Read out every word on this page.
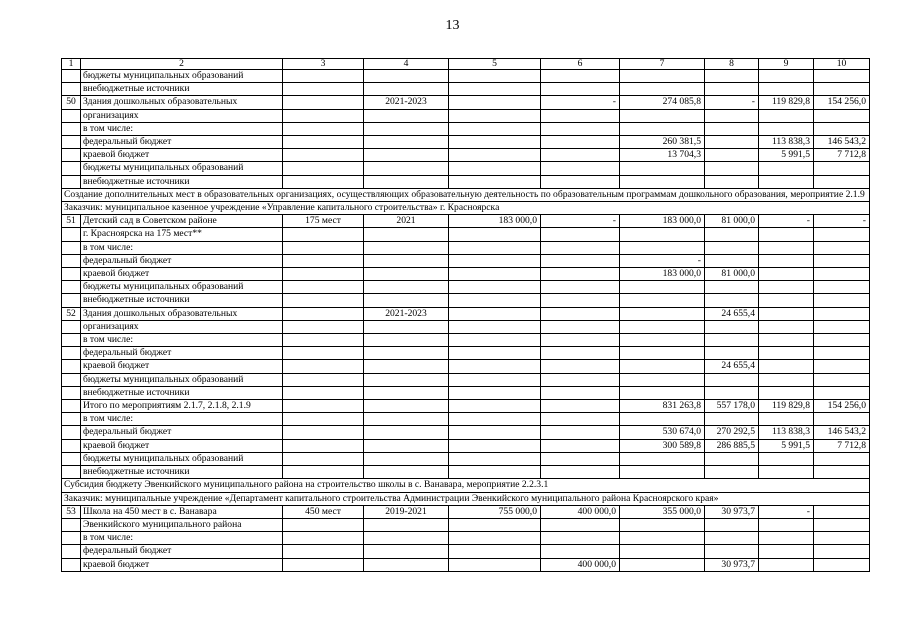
13
1	2	3	4	5	6	7	8	9	10
	бюджеты муниципальных образований								
	внебюджетные источники								
50	Здания дошкольных образовательных		2021-2023		-	274 085,8	-	119 829,8	154 256,0
	организациях								
	в том числе:								
	федеральный бюджет					260 381,5		113 838,3	146 543,2
	краевой бюджет					13 704,3		5 991,5	7 712,8
	бюджеты муниципальных образований								
	внебюджетные источники								
Создание дополнительных мест в образовательных организациях, осуществляющих образовательную деятельность по образовательным программам дошкольного образования, мероприятие 2.1.9									
Заказчик: муниципальное казенное учреждение «Управление капитального строительства» г. Красноярска									
51	Детский сад в Советском районе	175 мест	2021	183 000,0	-	183 000,0	81 000,0	-	-
	г. Красноярска на 175 мест**								
	в том числе:								
	федеральный бюджет					-			
	краевой бюджет					183 000,0	81 000,0		
	бюджеты муниципальных образований								
	внебюджетные источники								
52	Здания дошкольных образовательных		2021-2023				24 655,4		
	организациях								
	в том числе:								
	федеральный бюджет								
	краевой бюджет						24 655,4		
	бюджеты муниципальных образований								
	внебюджетные источники								
	Итого по мероприятиям 2.1.7, 2.1.8, 2.1.9					831 263,8	557 178,0	119 829,8	154 256,0
	в том числе:								
	федеральный бюджет					530 674,0	270 292,5	113 838,3	146 543,2
	краевой бюджет					300 589,8	286 885,5	5 991,5	7 712,8
	бюджеты муниципальных образований								
	внебюджетные источники								
Субсидия бюджету Эвенкийского муниципального района на строительство школы в с. Ванавара, мероприятие 2.2.3.1									
Заказчик: муниципальные учреждение «Департамент капитального строительства Администрации Эвенкийского муниципального района Красноярского края»									
53	Школа на 450 мест в с. Ванавара	450 мест	2019-2021	755 000,0	400 000,0	355 000,0	30 973,7	-	
	Эвенкийского муниципального района								
	в том числе:								
	федеральный бюджет								
	краевой бюджет				400 000,0		30 973,7		
